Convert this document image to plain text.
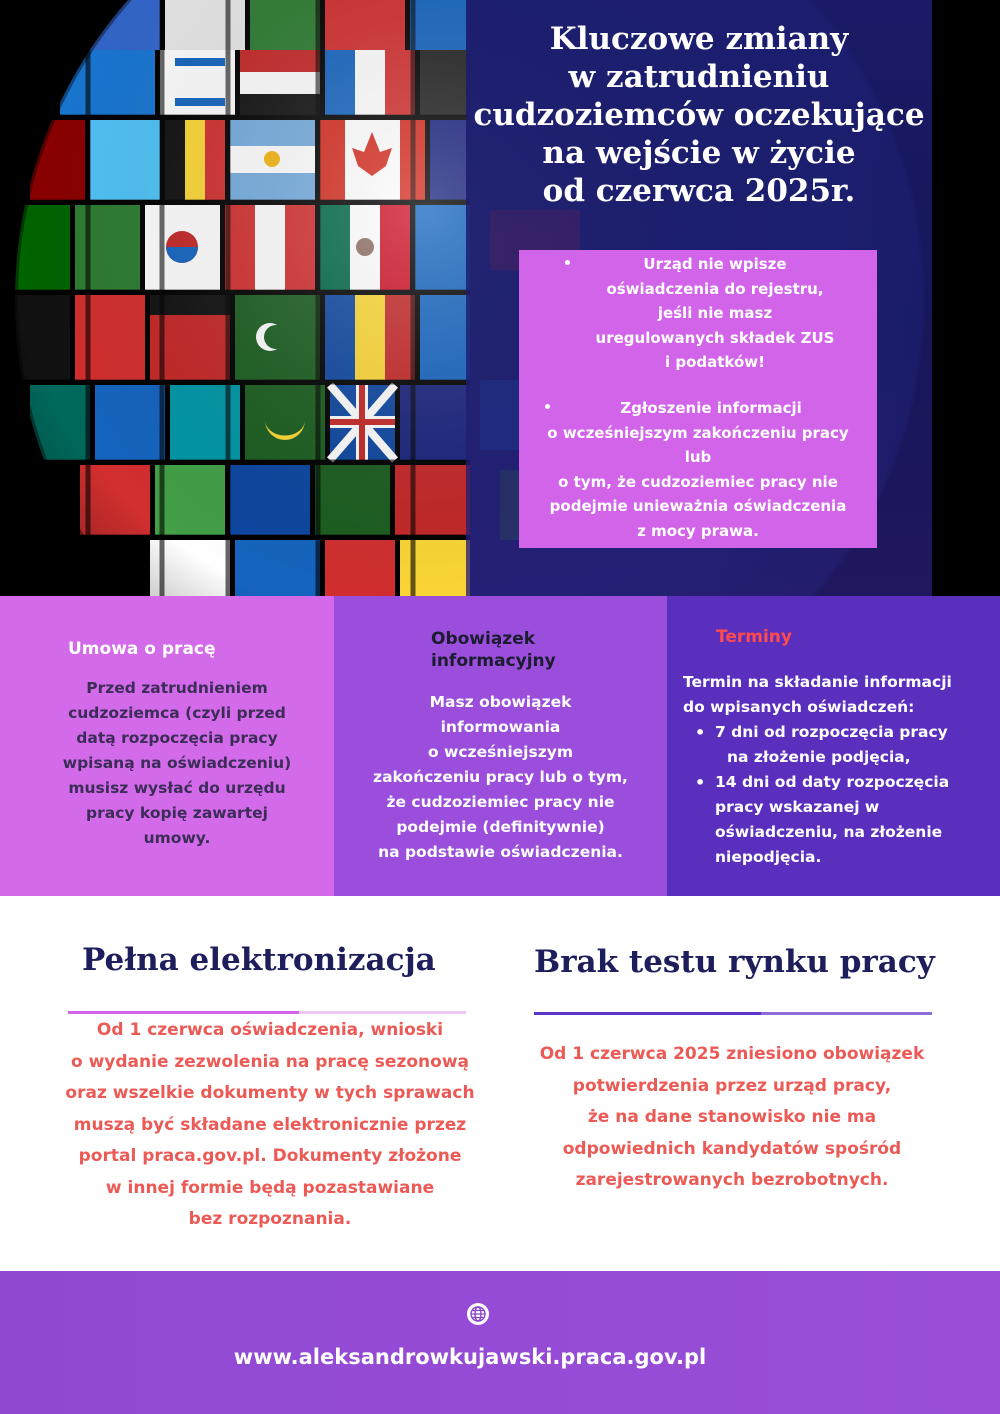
Kluczowe zmiany
w zatrudnieniu
cudzoziemców oczekujące
na wejście w życie
od czerwca 2025r.
•	Urząd nie wpisze
oświadczenia do rejestru,
jeśli nie masz
uregulowanych składek ZUS
i podatków!
•	Zgłoszenie informacji
o wcześniejszym zakończeniu pracy
lub
o tym, że cudzoziemiec pracy nie
podejmie unieważnia oświadczenia
z mocy prawa.
Umowa o pracę
Przed zatrudnieniem
cudzoziemca (czyli przed
datą rozpoczęcia pracy
wpisaną na oświadczeniu)
musisz wysłać do urzędu
pracy kopię zawartej
umowy.
Obowiązek
informacyjny
Masz obowiązek
informowania
o wcześniejszym
zakończeniu pracy lub o tym,
że cudzoziemiec pracy nie
podejmie (definitywnie)
na podstawie oświadczenia.
Terminy
Termin na składanie informacji
do wpisanych oświadczeń:
• 7 dni od rozpoczęcia pracy
na złożenie podjęcia,
• 14 dni od daty rozpoczęcia
pracy wskazanej w
oświadczeniu, na złożenie
niepodjęcia.
Pełna elektronizacja
Od 1 czerwca oświadczenia, wnioski
o wydanie zezwolenia na pracę sezonową
oraz wszelkie dokumenty w tych sprawach
muszą być składane elektronicznie przez
portal praca.gov.pl. Dokumenty złożone
w innej formie będą pozastawiane
bez rozpoznania.
Brak testu rynku pracy
Od 1 czerwca 2025 zniesiono obowiązek
potwierdzenia przez urząd pracy,
że na dane stanowisko nie ma
odpowiednich kandydatów spośród
zarejestrowanych bezrobotnych.
www.aleksandrowkujawski.praca.gov.pl
